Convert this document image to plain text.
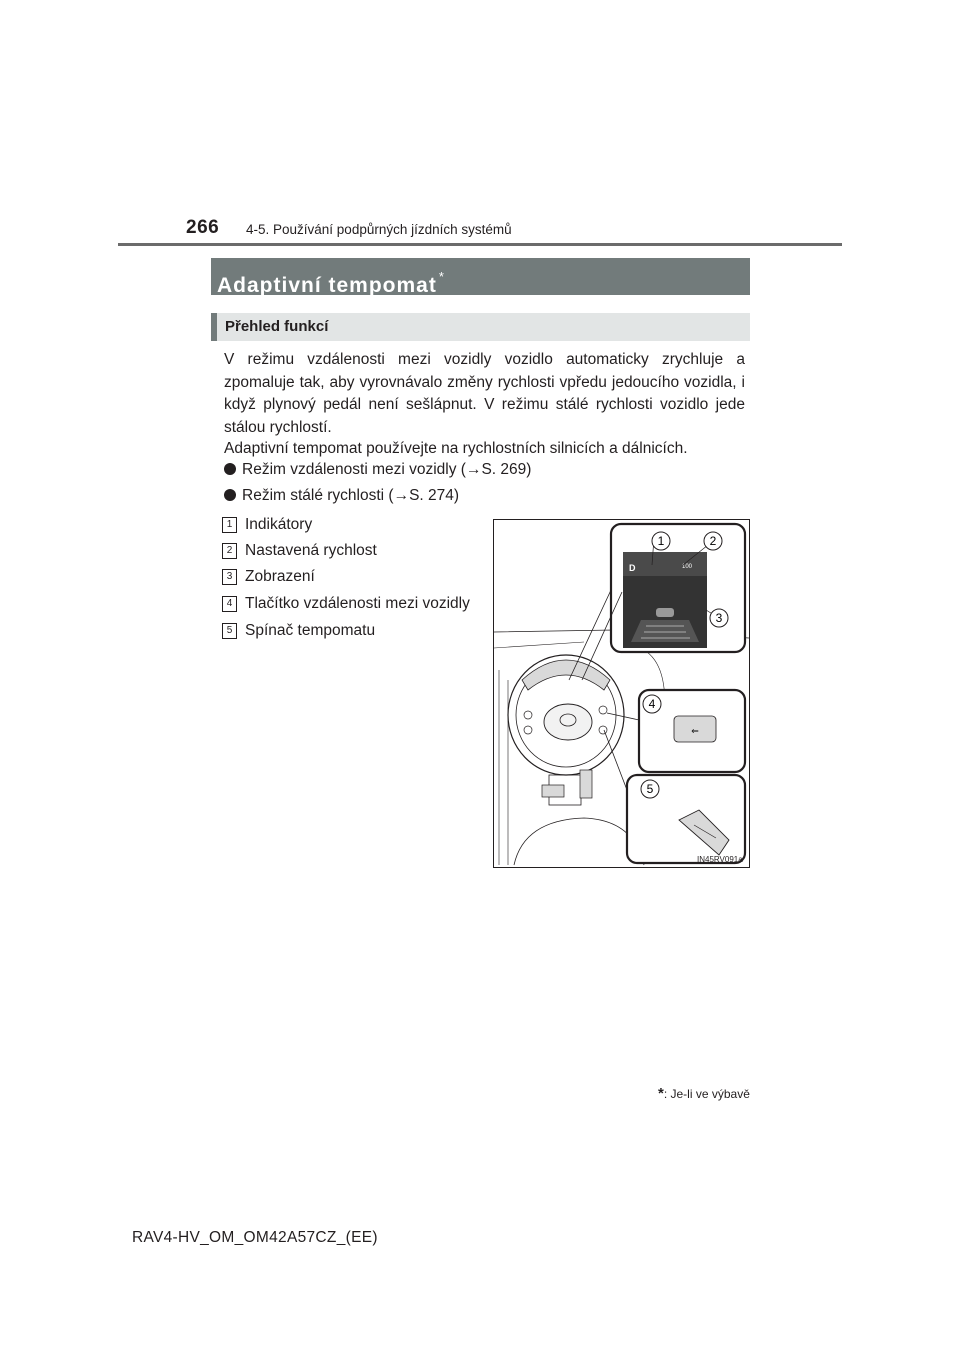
266 4-5. Používání podpůrných jízdních systémů
Adaptivní tempomat *
Přehled funkcí
V režimu vzdálenosti mezi vozidly vozidlo automaticky zrychluje a zpomaluje tak, aby vyrovnávalo změny rychlosti vpředu jedoucího vozidla, i když plynový pedál není sešlápnut. V režimu stálé rychlosti vozidlo jede stálou rychlostí.
Adaptivní tempomat používejte na rychlostních silnicích a dálnicích.
Režim vzdálenosti mezi vozidly (→S. 269)
Režim stálé rychlosti (→S. 274)
1 Indikátory
2 Nastavená rychlost
3 Zobrazení
4 Tlačítko vzdálenosti mezi vozidly
5 Spínač tempomatu
D	100
1	2
3
⇐
4
5
IN45RV091a
*: Je-li ve výbavě
RAV4-HV_OM_OM42A57CZ_(EE)
